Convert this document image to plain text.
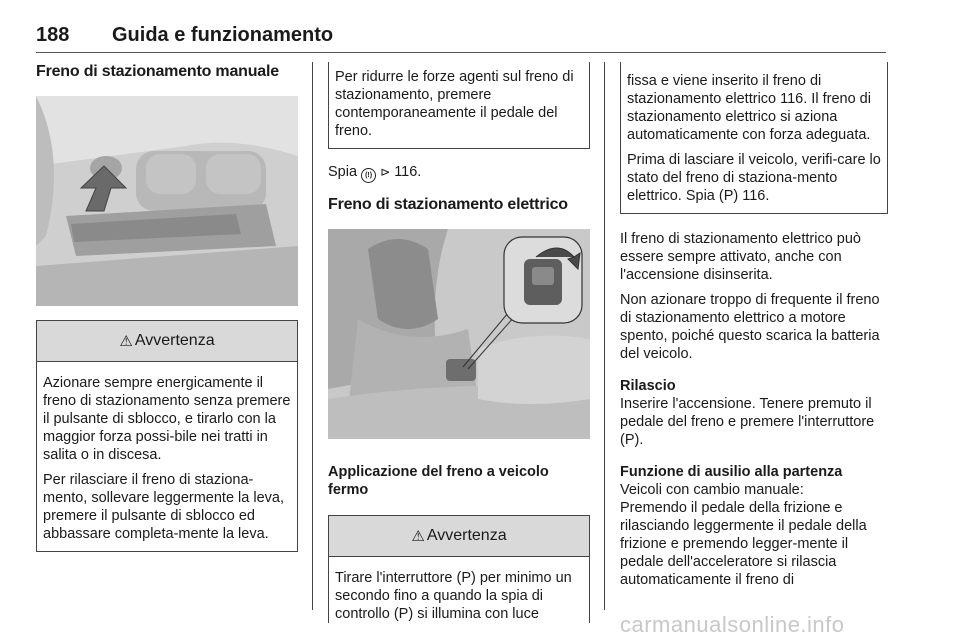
188 Guida e funzionamento
Freno di stazionamento manuale
⚠ Avvertenza

Azionare sempre energicamente il freno di stazionamento senza premere il pulsante di sblocco, e tirarlo con la maggior forza possi-bile nei tratti in salita o in discesa.

Per rilasciare il freno di staziona-mento, sollevare leggermente la leva, premere il pulsante di sblocco ed abbassare completa-mente la leva.

Per ridurre le forze agenti sul freno di stazionamento, premere contemporaneamente il pedale del freno.

Spia (!) ⊳ 116.

Freno di stazionamento elettrico
Applicazione del freno a veicolo fermo
⚠ Avvertenza

Tirare l'interruttore (P) per minimo un secondo fino a quando la spia di controllo (P) si illumina con luce

fissa e viene inserito il freno di stazionamento elettrico 116. Il freno di stazionamento elettrico si aziona automaticamente con forza adeguata.

Prima di lasciare il veicolo, verifi-care lo stato del freno di staziona-mento elettrico. Spia (P) 116.

Il freno di stazionamento elettrico può essere sempre attivato, anche con l'accensione disinserita.

Non azionare troppo di frequente il freno di stazionamento elettrico a motore spento, poiché questo scarica la batteria del veicolo.

Rilascio

Inserire l'accensione. Tenere premuto il pedale del freno e premere l'interruttore (P).

Funzione di ausilio alla partenza

Veicoli con cambio manuale:

Premendo il pedale della frizione e rilasciando leggermente il pedale della frizione e premendo legger-mente il pedale dell'acceleratore si rilascia automaticamente il freno di

carmanualsonline.info
